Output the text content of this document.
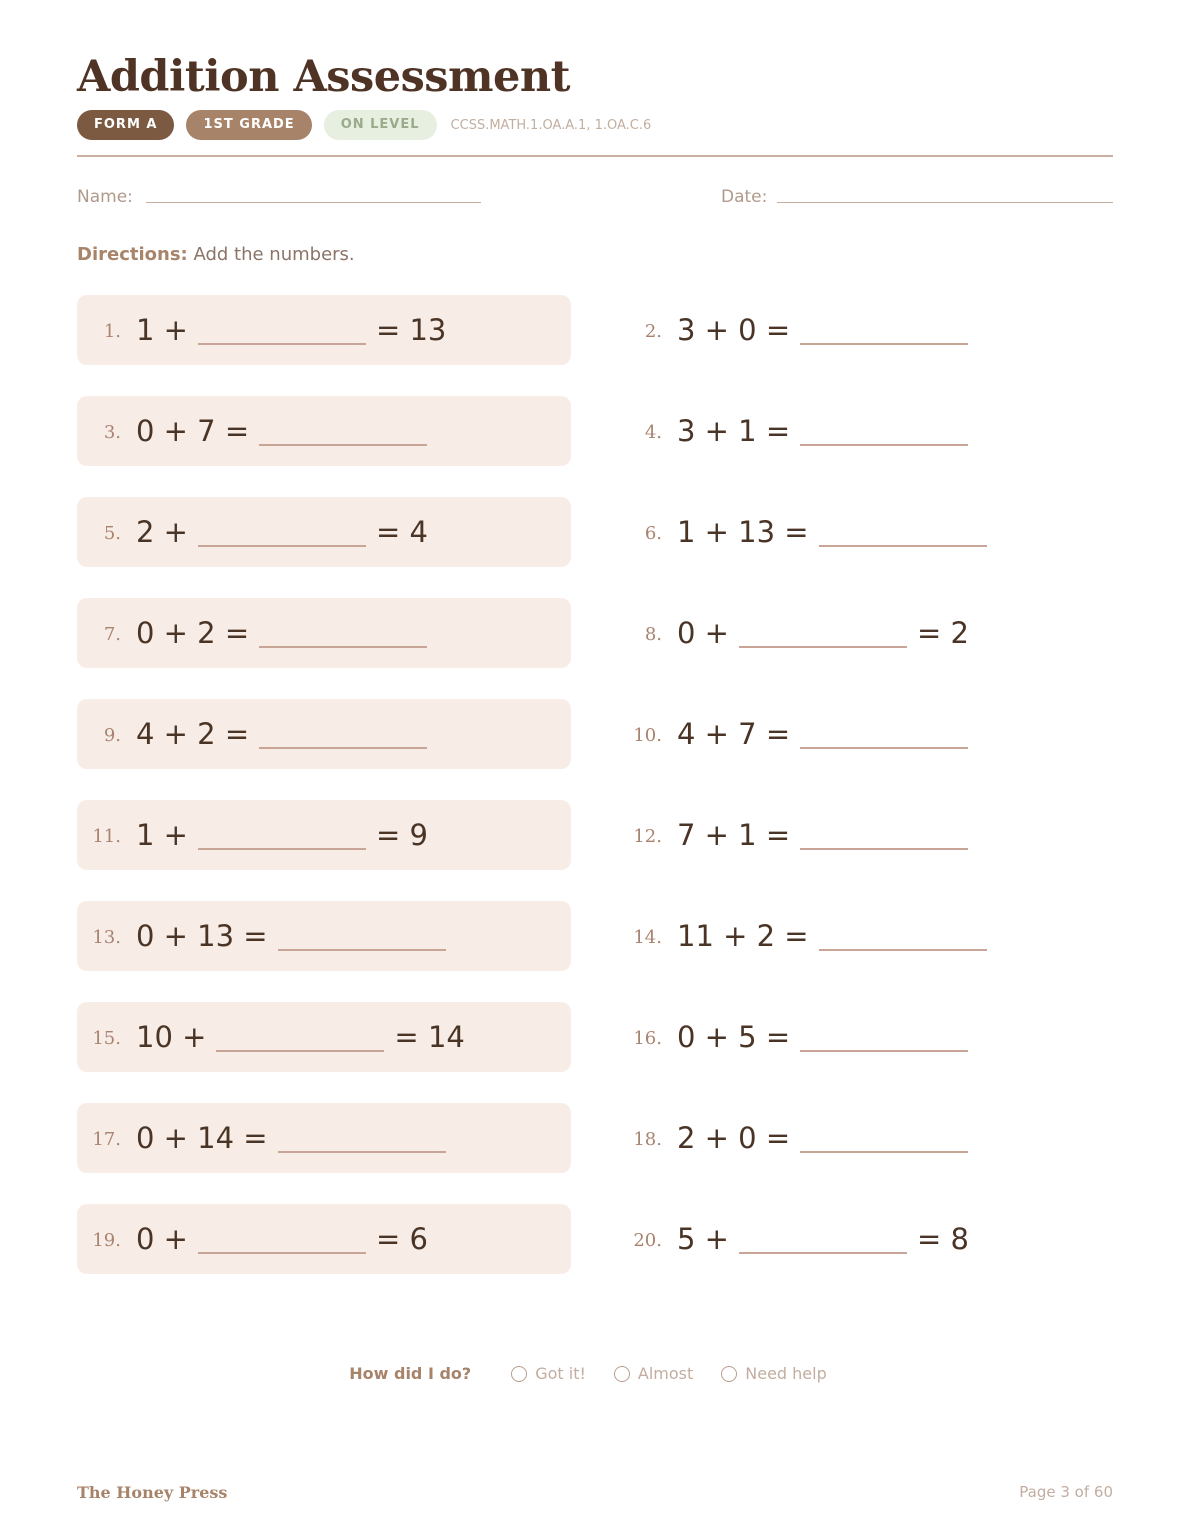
Addition Assessment
FORM A	1ST GRADE	ON LEVEL	CCSS.MATH.1.OA.A.1, 1.OA.C.6
Name:	Date:
Directions: Add the numbers.
1. 1 +	= 13	2. 3 + 0 =
3. 0 + 7 =	4. 3 + 1 =
5. 2 +	= 4	6. 1 + 13 =
7. 0 + 2 =	8. 0 +	= 2
9. 4 + 2 =	10. 4 + 7 =
11. 1 +	= 9	12. 7 + 1 =
13. 0 + 13 =	14. 11 + 2 =
15. 10 +	= 14	16. 0 + 5 =
17. 0 + 14 =	18. 2 + 0 =
19. 0 +	= 6	20. 5 +	= 8
How did I do?	Got it!	Almost	Need help
The Honey Press	Page 3 of 60
